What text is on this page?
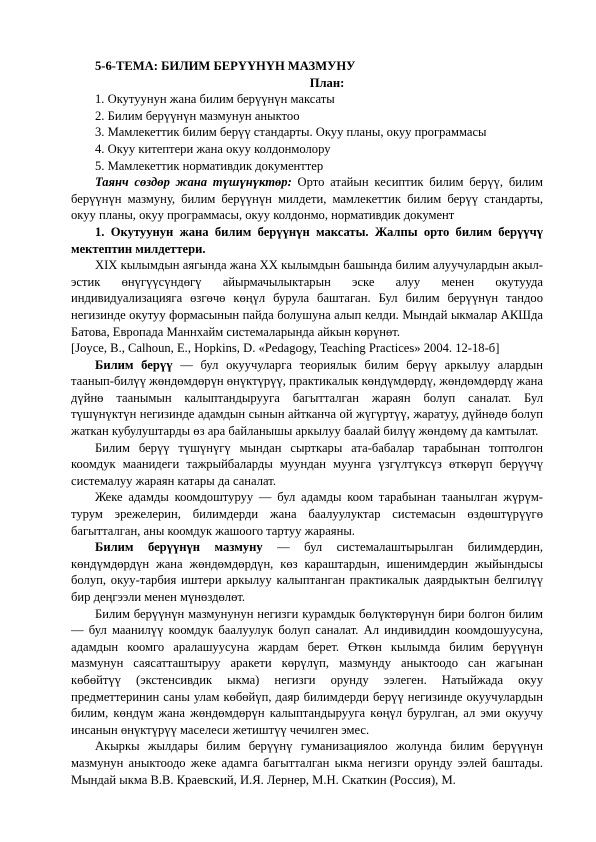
5-6-ТЕМА: БИЛИМ БЕРҮҮНҮН МАЗМУНУ

План:

1. Окутуунун жана билим берүүнүн максаты
2. Билим берүүнүн мазмунун аныктоо
3. Мамлекеттик билим берүү стандарты. Окуу планы, окуу программасы
4. Окуу китептери жана окуу колдонмолору
5. Мамлекеттик нормативдик документтер

Таянч сөздөр жана түшүнүктөр: Орто атайын кесиптик билим берүү, билим берүүнүн мазмуну, билим берүүнүн милдети, мамлекеттик билим берүү стандарты, окуу планы, окуу программасы, окуу колдонмо, нормативдик документ

1. Окутуунун жана билим берүүнүн максаты. Жалпы орто билим берүүчү мектептин милдеттери.

XIX кылымдын аягында жана XX кылымдын башында билим алуучулардын акыл-эстик өнүгүүсүндөгү айырмачылыктарын эске алуу менен окутууда индивидуализацияга өзгөчө көңүл бурула баштаган. Бул билим берүүнүн тандоо негизинде окутуу формасынын пайда болушуна алып келди. Мындай ыкмалар АКШда Батова, Европада Маннхайм системаларында айкын көрүнөт.

[Joyce, B., Calhoun, E., Hopkins, D. «Pedagogy, Teaching Practices» 2004. 12-18-б]

Билим берүү — бул окуучуларга теориялык билим берүү аркылуу алардын таанып-билүү жөндөмдөрүн өнүктүрүү, практикалык көндүмдөрдү, жөндөмдөрдү жана дүйнө таанымын калыптандырууга багытталган жараян болуп саналат. Бул түшүнүктүн негизинде адамдын сынын айтканча ой жүгүртүү, жаратуу, дүйнөдө болуп жаткан кубулуштарды өз ара байланышы аркылуу баалай билүү жөндөмү да камтылат.

Билим берүү түшүнүгү мындан сырткары ата-бабалар тарабынан топтолгон коомдук маанидеги тажрыйбаларды муундан муунга үзгүлтүксүз өткөрүп берүүчү системалуу жараян катары да саналат.

Жеке адамды коомдоштуруу — бул адамды коом тарабынан таанылган жүрүм-турум эрежелерин, билимдерди жана баалуулуктар системасын өздөштүрүүгө багытталган, аны коомдук жашоого тартуу жараяны.

Билим берүүнүн мазмуну — бул системалаштырылган билимдердин, көндүмдөрдүн жана жөндөмдөрдүн, көз караштардын, ишенимдердин жыйындысы болуп, окуу-тарбия иштери аркылуу калыптанган практикалык даярдыктын белгилүү бир деңгээли менен мүнөздөлөт.

Билим берүүнүн мазмунунун негизги курамдык бөлүктөрүнүн бири болгон билим — бул маанилүү коомдук баалуулук болуп саналат. Ал индивиддин коомдошуусуна, адамдын коомго аралашуусуна жардам берет. Өткөн кылымда билим берүүнүн мазмунун саясатташтыруу аракети көрүлүп, мазмунду аныктоодо сан жагынан көбөйтүү (экстенсивдик ыкма) негизги орунду ээлеген. Натыйжада окуу предметтеринин саны улам көбөйүп, даяр билимдерди берүү негизинде окуучулардын билим, көндүм жана жөндөмдөрүн калыптандырууга көңүл бурулган, ал эми окуучу инсанын өнүктүрүү маселеси жетиштүү чечилген эмес.

Акыркы жылдары билим берүүнү гуманизациялоо жолунда билим берүүнүн мазмунун аныктоодо жеке адамга багытталган ыкма негизги орунду ээлей баштады. Мындай ыкма В.В. Краевский, И.Я. Лернер, М.Н. Скаткин (Россия), М.
